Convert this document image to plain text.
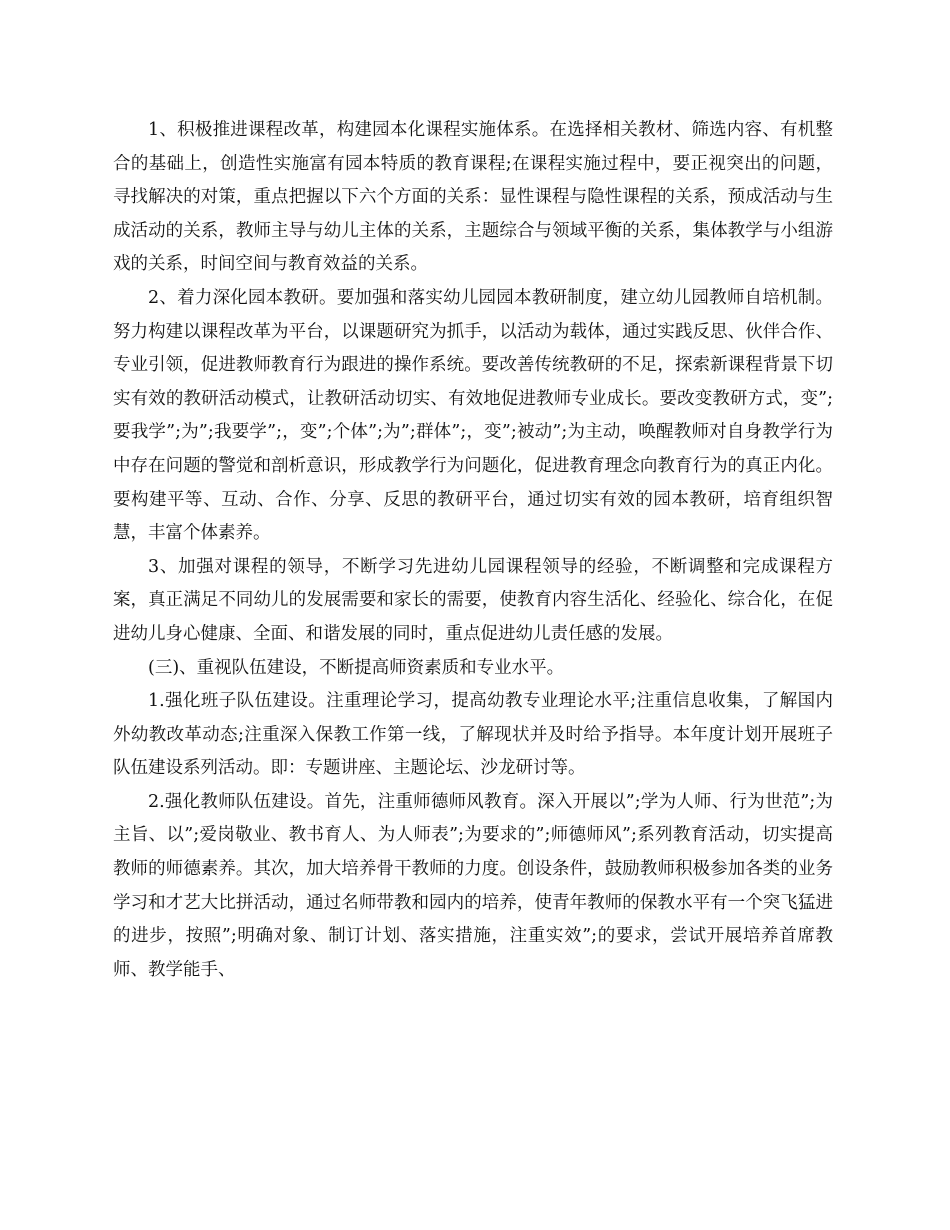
1、积极推进课程改革，构建园本化课程实施体系。在选择相关教材、筛选内容、有机整合的基础上，创造性实施富有园本特质的教育课程;在课程实施过程中，要正视突出的问题，寻找解决的对策，重点把握以下六个方面的关系：显性课程与隐性课程的关系，预成活动与生成活动的关系，教师主导与幼儿主体的关系，主题综合与领域平衡的关系，集体教学与小组游戏的关系，时间空间与教育效益的关系。

2、着力深化园本教研。要加强和落实幼儿园园本教研制度，建立幼儿园教师自培机制。努力构建以课程改革为平台，以课题研究为抓手，以活动为载体，通过实践反思、伙伴合作、专业引领，促进教师教育行为跟进的操作系统。要改善传统教研的不足，探索新课程背景下切实有效的教研活动模式，让教研活动切实、有效地促进教师专业成长。要改变教研方式，变”;要我学”;为”;我要学”;，变”;个体”;为”;群体”;，变”;被动”;为主动，唤醒教师对自身教学行为中存在问题的警觉和剖析意识，形成教学行为问题化，促进教育理念向教育行为的真正内化。要构建平等、互动、合作、分享、反思的教研平台，通过切实有效的园本教研，培育组织智慧，丰富个体素养。

3、加强对课程的领导，不断学习先进幼儿园课程领导的经验，不断调整和完成课程方案，真正满足不同幼儿的发展需要和家长的需要，使教育内容生活化、经验化、综合化，在促进幼儿身心健康、全面、和谐发展的同时，重点促进幼儿责任感的发展。

(三)、重视队伍建设，不断提高师资素质和专业水平。

1.强化班子队伍建设。注重理论学习，提高幼教专业理论水平;注重信息收集，了解国内外幼教改革动态;注重深入保教工作第一线，了解现状并及时给予指导。本年度计划开展班子队伍建设系列活动。即：专题讲座、主题论坛、沙龙研讨等。

2.强化教师队伍建设。首先，注重师德师风教育。深入开展以”;学为人师、行为世范”;为主旨、以”;爱岗敬业、教书育人、为人师表”;为要求的”;师德师风”;系列教育活动，切实提高教师的师德素养。其次，加大培养骨干教师的力度。创设条件，鼓励教师积极参加各类的业务学习和才艺大比拼活动，通过名师带教和园内的培养，使青年教师的保教水平有一个突飞猛进的进步，按照”;明确对象、制订计划、落实措施，注重实效”;的要求，尝试开展培养首席教师、教学能手、
